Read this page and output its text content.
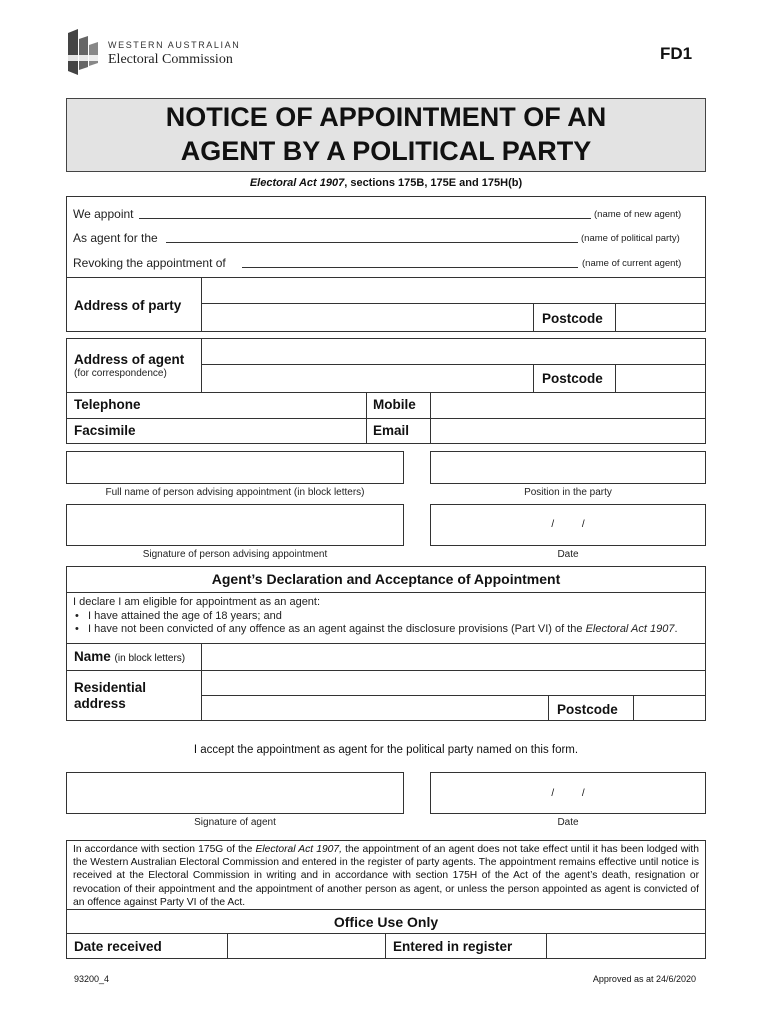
WESTERN AUSTRALIAN
Electoral Commission	FD1
NOTICE OF APPOINTMENT OF AN
AGENT BY A POLITICAL PARTY
Electoral Act 1907, sections 175B, 175E and 175H(b)
We appoint	(name of new agent)
As agent for the	(name of political party)
Revoking the appointment of	(name of current agent)
Address of party
Postcode
Address of agent
(for correspondence)	Postcode
Telephone	Mobile
Facsimile	Email
Full name of person advising appointment (in block letters)	Position in the party
/          /
Signature of person advising appointment	Date
Agent’s Declaration and Acceptance of Appointment
I declare I am eligible for appointment as an agent:
•   I have attained the age of 18 years; and
•   I have not been convicted of any offence as an agent against the disclosure provisions (Part VI) of the Electoral Act 1907.
Name (in block letters)
Residential
address	Postcode
I accept the appointment as agent for the political party named on this form.
/          /
Signature of agent	Date
In accordance with section 175G of the Electoral Act 1907, the appointment of an agent does not take effect until it has been lodged with the Western Australian Electoral Commission and entered in the register of party agents. The appointment remains effective until notice is received at the Electoral Commission in writing and in accordance with section 175H of the Act of the agent’s death, resignation or revocation of their appointment and the appointment of another person as agent, or unless the person appointed as agent is convicted of an offence against Party VI of the Act.
Office Use Only
Date received	Entered in register
93200_4	Approved as at 24/6/2020
